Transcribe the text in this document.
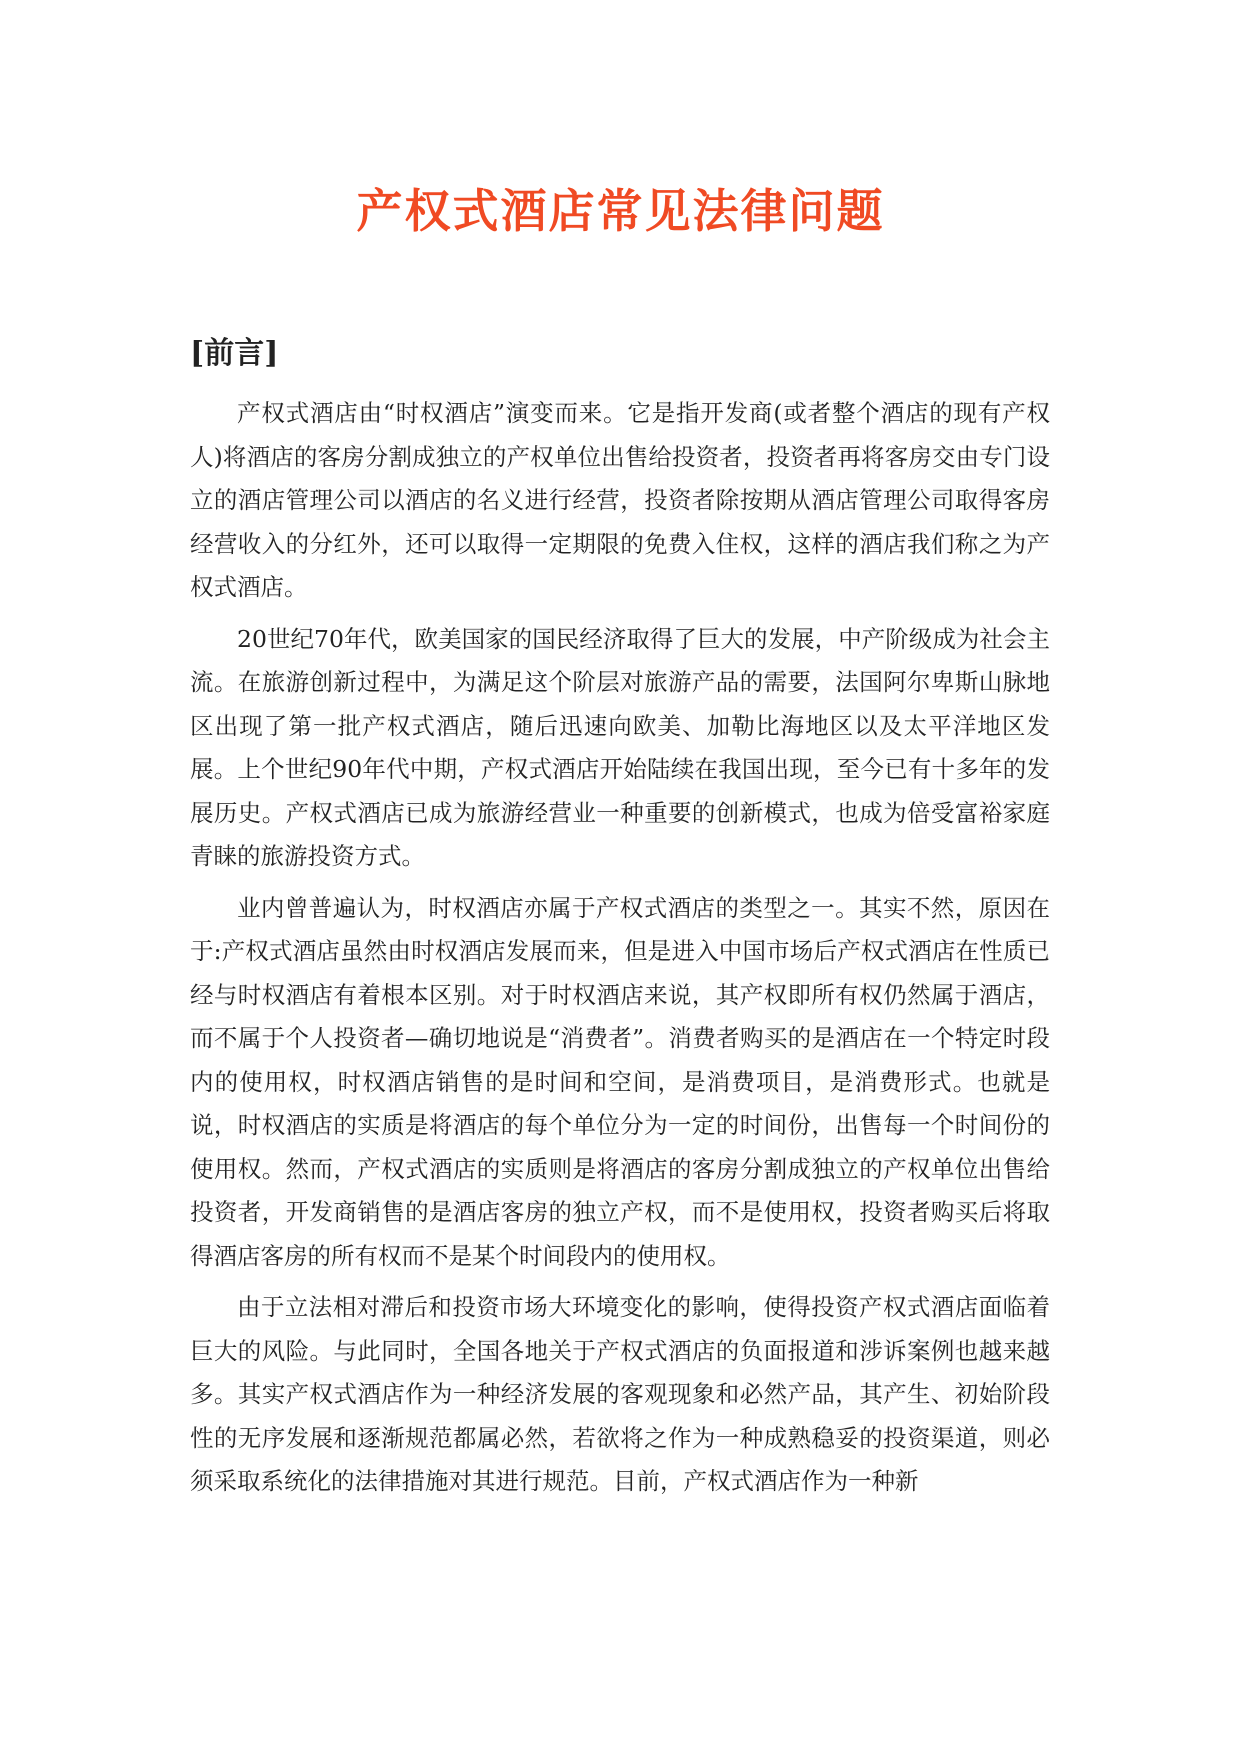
产权式酒店常见法律问题
[前言]

产权式酒店由“时权酒店”演变而来。它是指开发商(或者整个酒店的现有产权人)将酒店的客房分割成独立的产权单位出售给投资者，投资者再将客房交由专门设立的酒店管理公司以酒店的名义进行经营，投资者除按期从酒店管理公司取得客房经营收入的分红外，还可以取得一定期限的免费入住权，这样的酒店我们称之为产权式酒店。

20世纪70年代，欧美国家的国民经济取得了巨大的发展，中产阶级成为社会主流。在旅游创新过程中，为满足这个阶层对旅游产品的需要，法国阿尔卑斯山脉地区出现了第一批产权式酒店，随后迅速向欧美、加勒比海地区以及太平洋地区发展。上个世纪90年代中期，产权式酒店开始陆续在我国出现，至今已有十多年的发展历史。产权式酒店已成为旅游经营业一种重要的创新模式，也成为倍受富裕家庭青睐的旅游投资方式。

业内曾普遍认为，时权酒店亦属于产权式酒店的类型之一。其实不然，原因在于:产权式酒店虽然由时权酒店发展而来，但是进入中国市场后产权式酒店在性质已经与时权酒店有着根本区别。对于时权酒店来说，其产权即所有权仍然属于酒店，而不属于个人投资者—确切地说是“消费者”。消费者购买的是酒店在一个特定时段内的使用权，时权酒店销售的是时间和空间，是消费项目，是消费形式。也就是说，时权酒店的实质是将酒店的每个单位分为一定的时间份，出售每一个时间份的使用权。然而，产权式酒店的实质则是将酒店的客房分割成独立的产权单位出售给投资者，开发商销售的是酒店客房的独立产权，而不是使用权，投资者购买后将取得酒店客房的所有权而不是某个时间段内的使用权。

由于立法相对滞后和投资市场大环境变化的影响，使得投资产权式酒店面临着巨大的风险。与此同时，全国各地关于产权式酒店的负面报道和涉诉案例也越来越多。其实产权式酒店作为一种经济发展的客观现象和必然产品，其产生、初始阶段性的无序发展和逐渐规范都属必然，若欲将之作为一种成熟稳妥的投资渠道，则必须采取系统化的法律措施对其进行规范。目前，产权式酒店作为一种新
